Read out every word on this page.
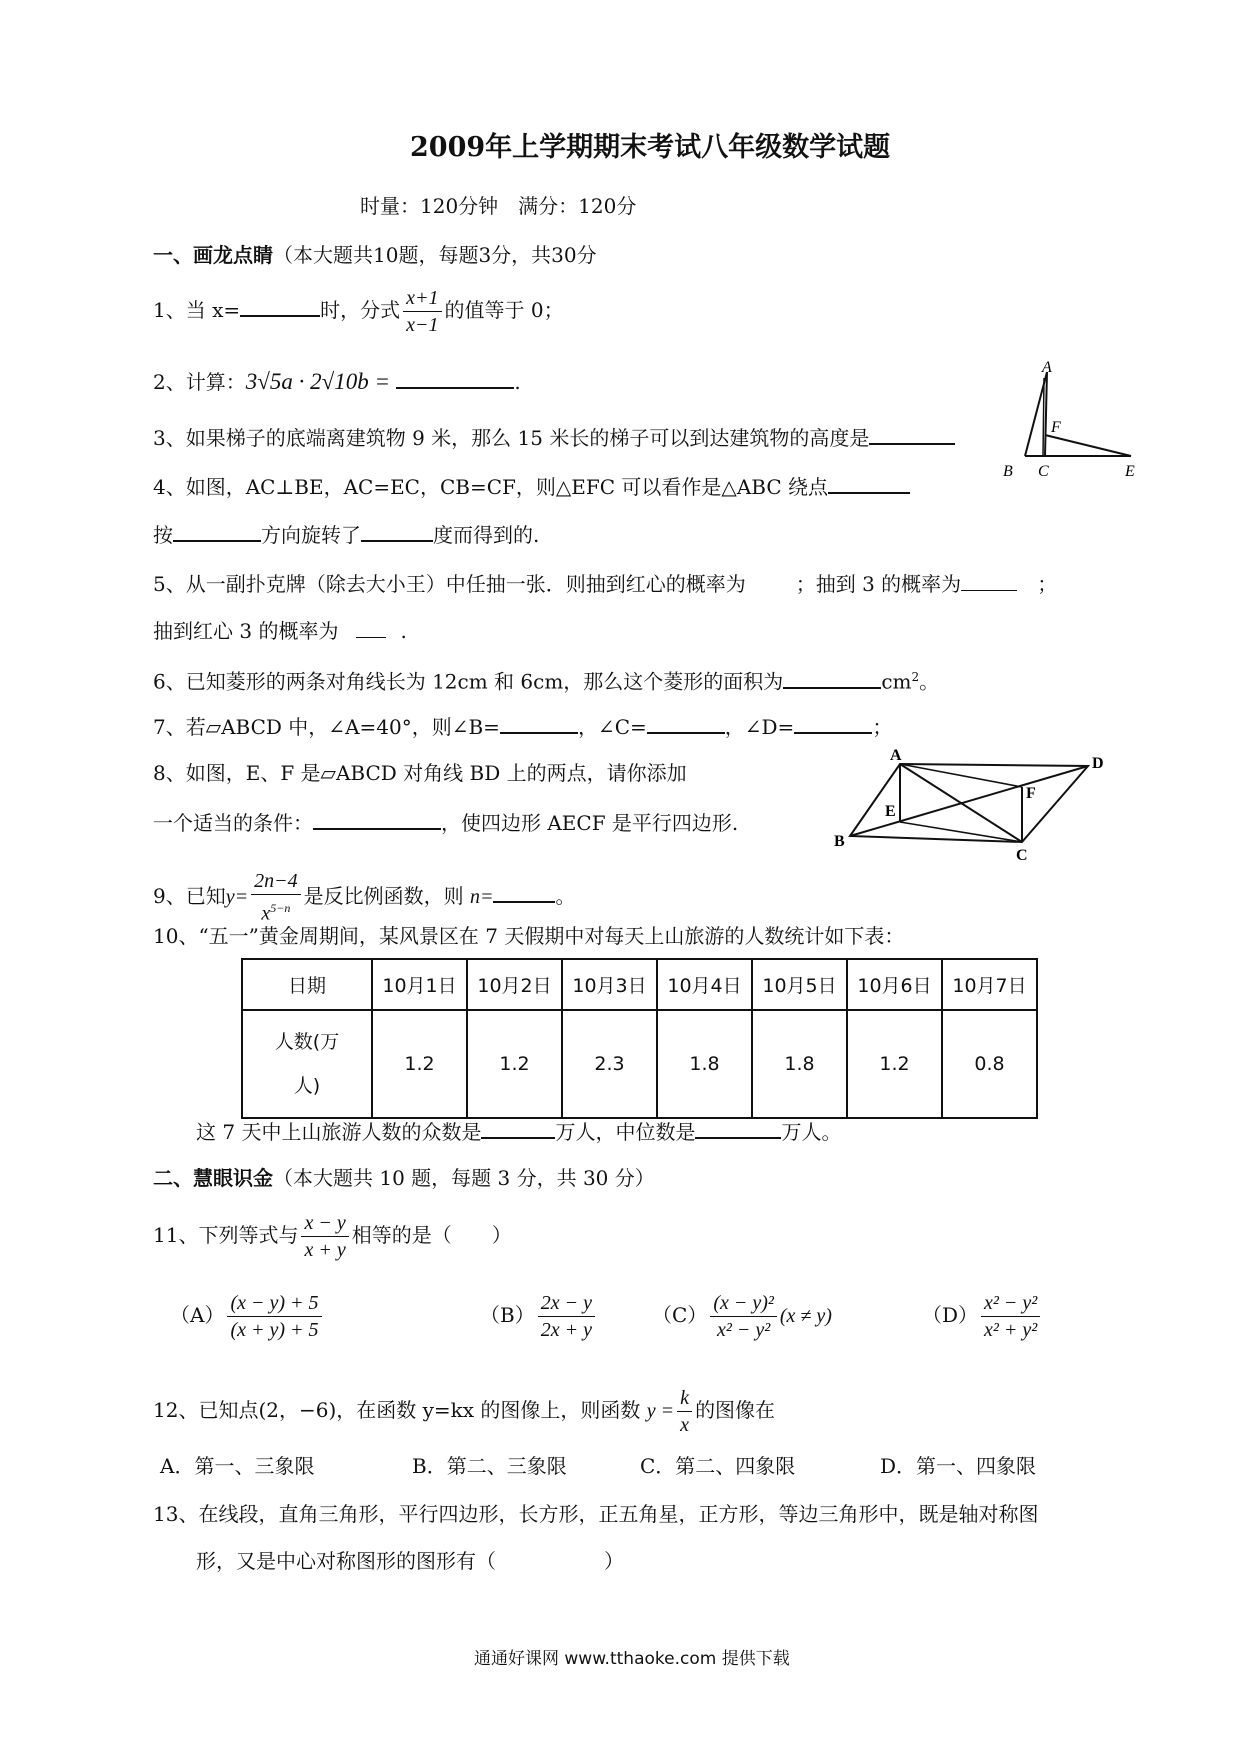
2009年上学期期末考试八年级数学试题
时量：120分钟　满分：120分
一、画龙点睛（本大题共10题，每题3分，共30分
1、当 x=	时，分式 $\frac{x+1}{x-1}$ 的值等于 0；
2、计算：3√5a · 2√10b =	.
3、如果梯子的底端离建筑物 9 米，那么 15 米长的梯子可以到达建筑物的高度是
A
F
B C	E
4、如图，AC⊥BE，AC=EC，CB=CF，则△EFC 可以看作是△ABC 绕点
按	方向旋转了	度而得到的.
5、从一副扑克牌（除去大小王）中任抽一张．则抽到红心的概率为	；抽到 3 的概率为	；
抽到红心 3 的概率为	.
6、已知菱形的两条对角线长为 12cm 和 6cm，那么这个菱形的面积为	$cm^2$。
7、若▱ABCD 中，∠A=40°，则∠B=	，∠C=	，∠D=	；
A	D
E
F
B
C
8、如图，E、F 是▱ABCD 对角线 BD 上的两点，请你添加
一个适当的条件：	，使四边形 AECF 是平行四边形.
9、已知$y= \frac{2n-4}{x^{5-n}}$ 是反比例函数，则 n=	。
10、“五一”黄金周期间，某风景区在 7 天假期中对每天上山旅游的人数统计如下表：
日期	10月1日	10月2日	10月3日	10月4日	10月5日	10月6日	10月7日
人数(万
人)	1.2	1.2	2.3	1.8	1.8	1.2	0.8
这 7 天中上山旅游人数的众数是	万人，中位数是	万人。
二、慧眼识金（本大题共 10 题，每题 3 分，共 30 分）
11、下列等式与 $\frac{x - y}{x + y}$ 相等的是（　　）
$(A) \frac{(x - y) + 5}{(x + y) + 5}$	$(B) \frac{2x - y}{2x + y}$	$(C) \frac{\text{(x − y)²}}{\text{x² − y²}} (x \ne y)$	$(D) \frac{\text{x² − y²}}{\text{x² + y²}}$
12、已知点(2，−6)，在函数 y=kx 的图像上，则函数 $y = \frac{k}{x}$ 的图像在
A．第一、三象限	B．第二、三象限	C．第二、四象限	D．第一、四象限
13、在线段，直角三角形，平行四边形，长方形，正五角星，正方形，等边三角形中，既是轴对称图
形，又是中心对称图形的图形有（	）
通通好课网 www.tthaoke.com 提供下载
